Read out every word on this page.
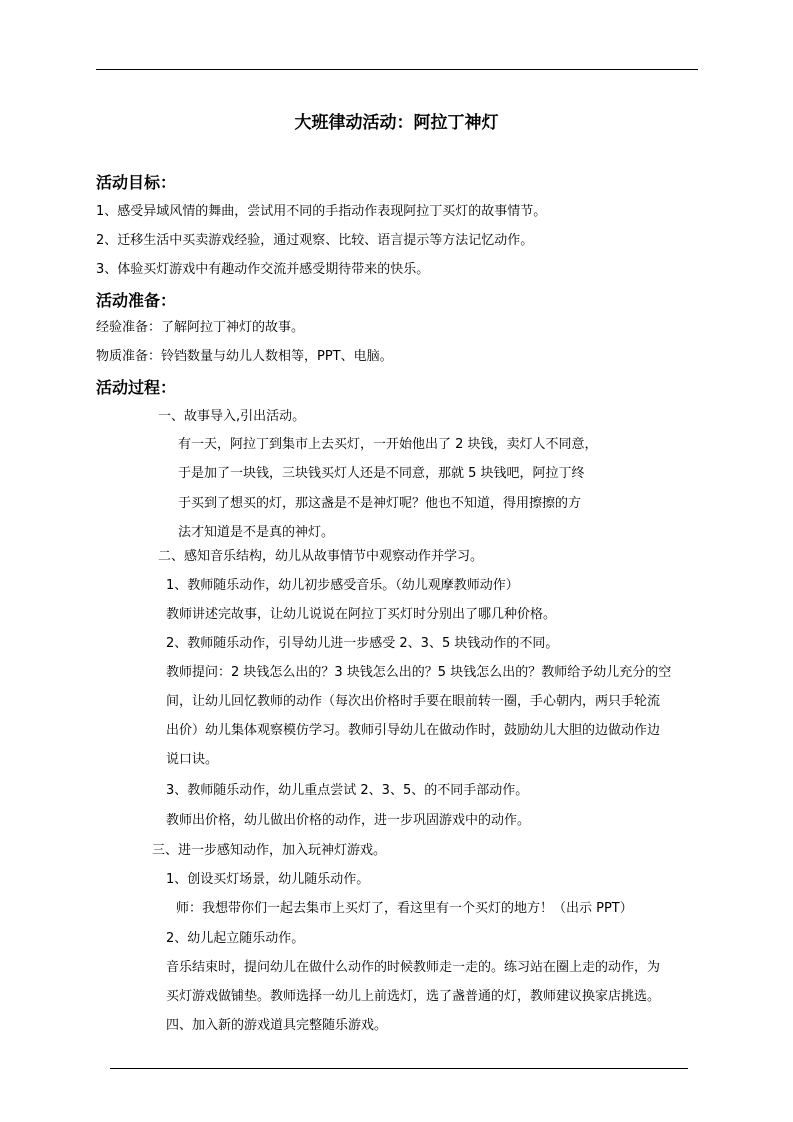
大班律动活动：阿拉丁神灯
活动目标：
1、感受异域风情的舞曲，尝试用不同的手指动作表现阿拉丁买灯的故事情节。
2、迁移生活中买卖游戏经验，通过观察、比较、语言提示等方法记忆动作。
3、体验买灯游戏中有趣动作交流并感受期待带来的快乐。
活动准备：
经验准备：了解阿拉丁神灯的故事。
物质准备：铃铛数量与幼儿人数相等，PPT、电脑。
活动过程：
一、故事导入,引出活动。
有一天，阿拉丁到集市上去买灯，一开始他出了 2 块钱，卖灯人不同意，
于是加了一块钱，三块钱买灯人还是不同意，那就 5 块钱吧，阿拉丁终
于买到了想买的灯，那这盏是不是神灯呢？他也不知道，得用擦擦的方
法才知道是不是真的神灯。
二、感知音乐结构，幼儿从故事情节中观察动作并学习。
1、教师随乐动作，幼儿初步感受音乐。（幼儿观摩教师动作）
教师讲述完故事，让幼儿说说在阿拉丁买灯时分别出了哪几种价格。
2、教师随乐动作，引导幼儿进一步感受 2、3、5 块钱动作的不同。
教师提问：2 块钱怎么出的？3 块钱怎么出的？5 块钱怎么出的？教师给予幼儿充分的空
间，让幼儿回忆教师的动作（每次出价格时手要在眼前转一圈，手心朝内，两只手轮流
出价）幼儿集体观察模仿学习。教师引导幼儿在做动作时，鼓励幼儿大胆的边做动作边
说口诀。
3、教师随乐动作，幼儿重点尝试 2、3、5、的不同手部动作。
教师出价格，幼儿做出价格的动作，进一步巩固游戏中的动作。
三、进一步感知动作，加入玩神灯游戏。
1、创设买灯场景，幼儿随乐动作。
师：我想带你们一起去集市上买灯了，看这里有一个买灯的地方！（出示 PPT）
2、幼儿起立随乐动作。
音乐结束时，提问幼儿在做什么动作的时候教师走一走的。练习站在圈上走的动作，为
买灯游戏做铺垫。教师选择一幼儿上前选灯，选了盏普通的灯，教师建议换家店挑选。
四、加入新的游戏道具完整随乐游戏。
